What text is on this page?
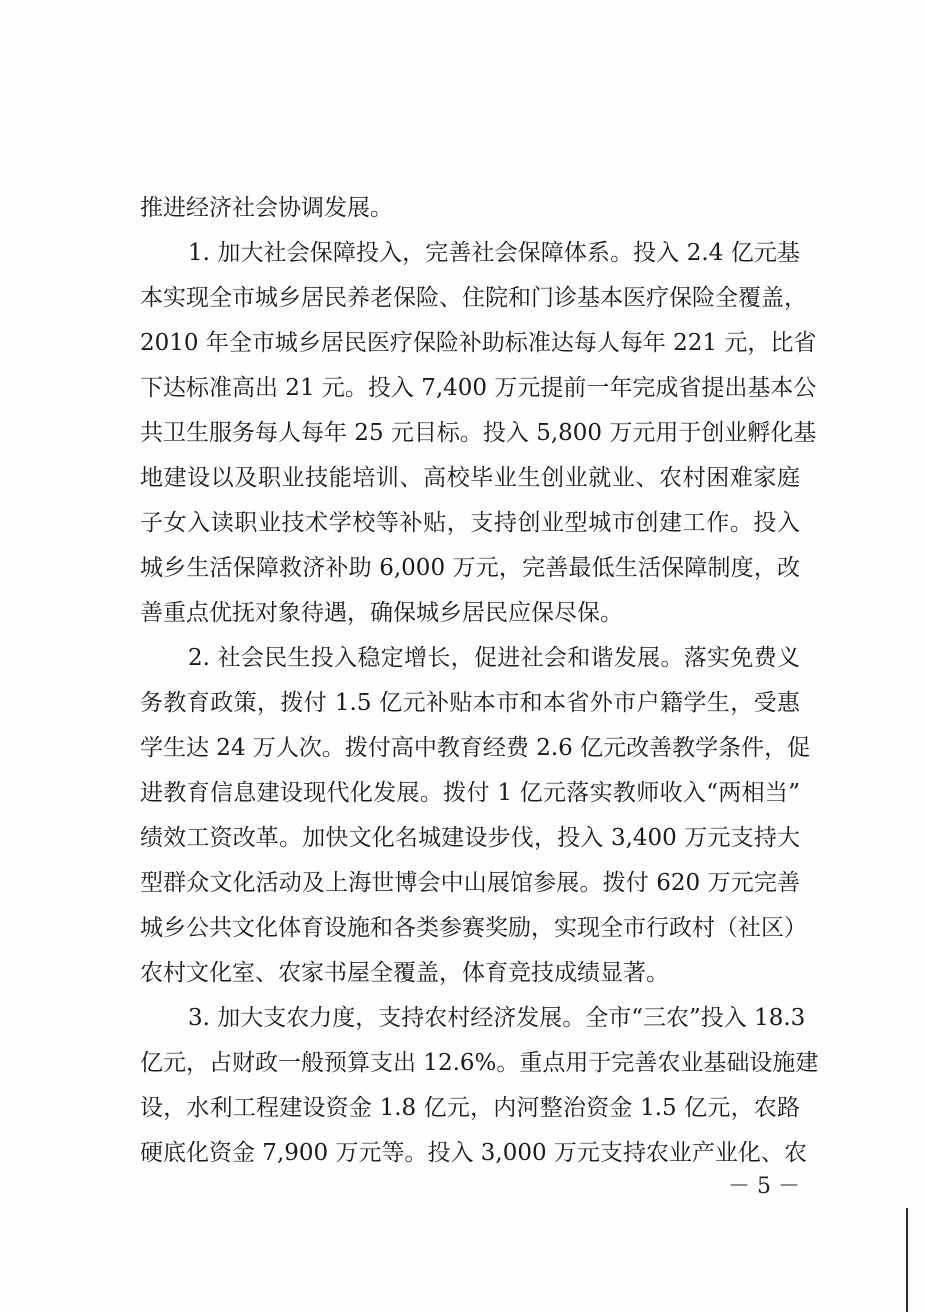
推进经济社会协调发展。
1. 加大社会保障投入，完善社会保障体系。投入 2.4 亿元基
本实现全市城乡居民养老保险、住院和门诊基本医疗保险全覆盖，
2010 年全市城乡居民医疗保险补助标准达每人每年 221 元，比省
下达标准高出 21 元。投入 7,400 万元提前一年完成省提出基本公
共卫生服务每人每年 25 元目标。投入 5,800 万元用于创业孵化基
地建设以及职业技能培训、高校毕业生创业就业、农村困难家庭
子女入读职业技术学校等补贴，支持创业型城市创建工作。投入
城乡生活保障救济补助 6,000 万元，完善最低生活保障制度，改
善重点优抚对象待遇，确保城乡居民应保尽保。
2. 社会民生投入稳定增长，促进社会和谐发展。落实免费义
务教育政策，拨付 1.5 亿元补贴本市和本省外市户籍学生，受惠
学生达 24 万人次。拨付高中教育经费 2.6 亿元改善教学条件，促
进教育信息建设现代化发展。拨付 1 亿元落实教师收入“两相当”
绩效工资改革。加快文化名城建设步伐，投入 3,400 万元支持大
型群众文化活动及上海世博会中山展馆参展。拨付 620 万元完善
城乡公共文化体育设施和各类参赛奖励，实现全市行政村（社区）
农村文化室、农家书屋全覆盖，体育竞技成绩显著。
3. 加大支农力度，支持农村经济发展。全市“三农”投入 18.3
亿元，占财政一般预算支出 12.6%。重点用于完善农业基础设施建
设，水利工程建设资金 1.8 亿元，内河整治资金 1.5 亿元，农路
硬底化资金 7,900 万元等。投入 3,000 万元支持农业产业化、农
－ 5 －
